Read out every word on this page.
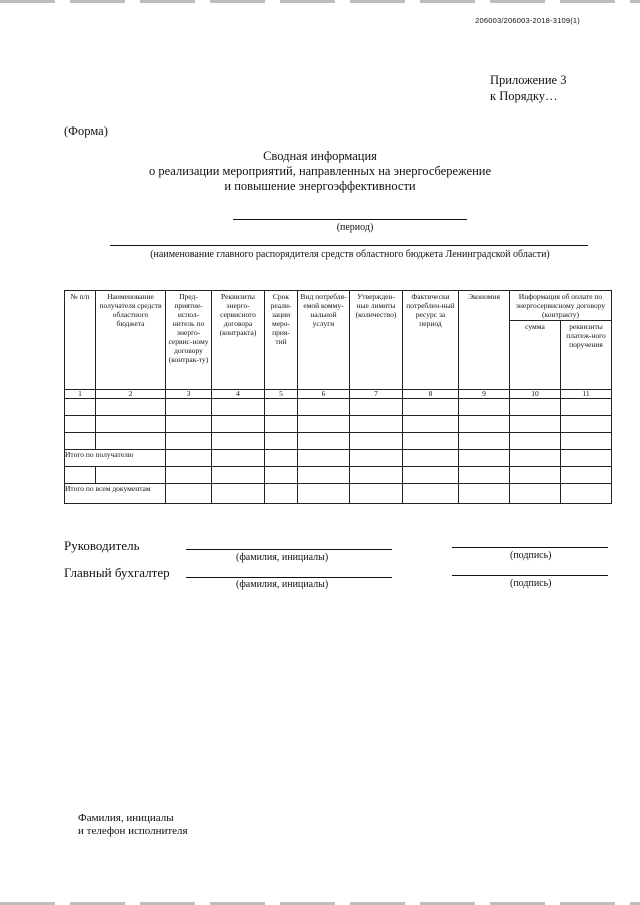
206003/206003-2018-3109(1)
Приложение 3
к Порядку…
(Форма)
Сводная информация
о реализации мероприятий, направленных на энергосбережение
и повышение энергоэффективности
(период)
(наименование главного распорядителя средств областного бюджета Ленинградской области)
№ п/п	Наименование получателя средств областного бюджета	Пред-приятие-испол-нитель по энерго-сервис-ному договору (контрак-ту)	Реквизиты энерго-сервисного договора (контракта)	Срок реали-зации меро-прия-тий	Вид потребля-емой комму-нальной услуги	Утвержден-ные лимиты (количество)	Фактически потреблен-ный ресурс за период	Экономия	Информация об оплате по энергосервисному договору (контракту)	
									сумма	реквизиты платеж-ного поручения
1	2	3	4	5	6	7	8	9	10	11

Итого по получателю										

Итого по всем документам										
Руководитель
(фамилия, инициалы)	(подпись)
Главный бухгалтер
(фамилия, инициалы)	(подпись)
Фамилия, инициалы
и телефон исполнителя
